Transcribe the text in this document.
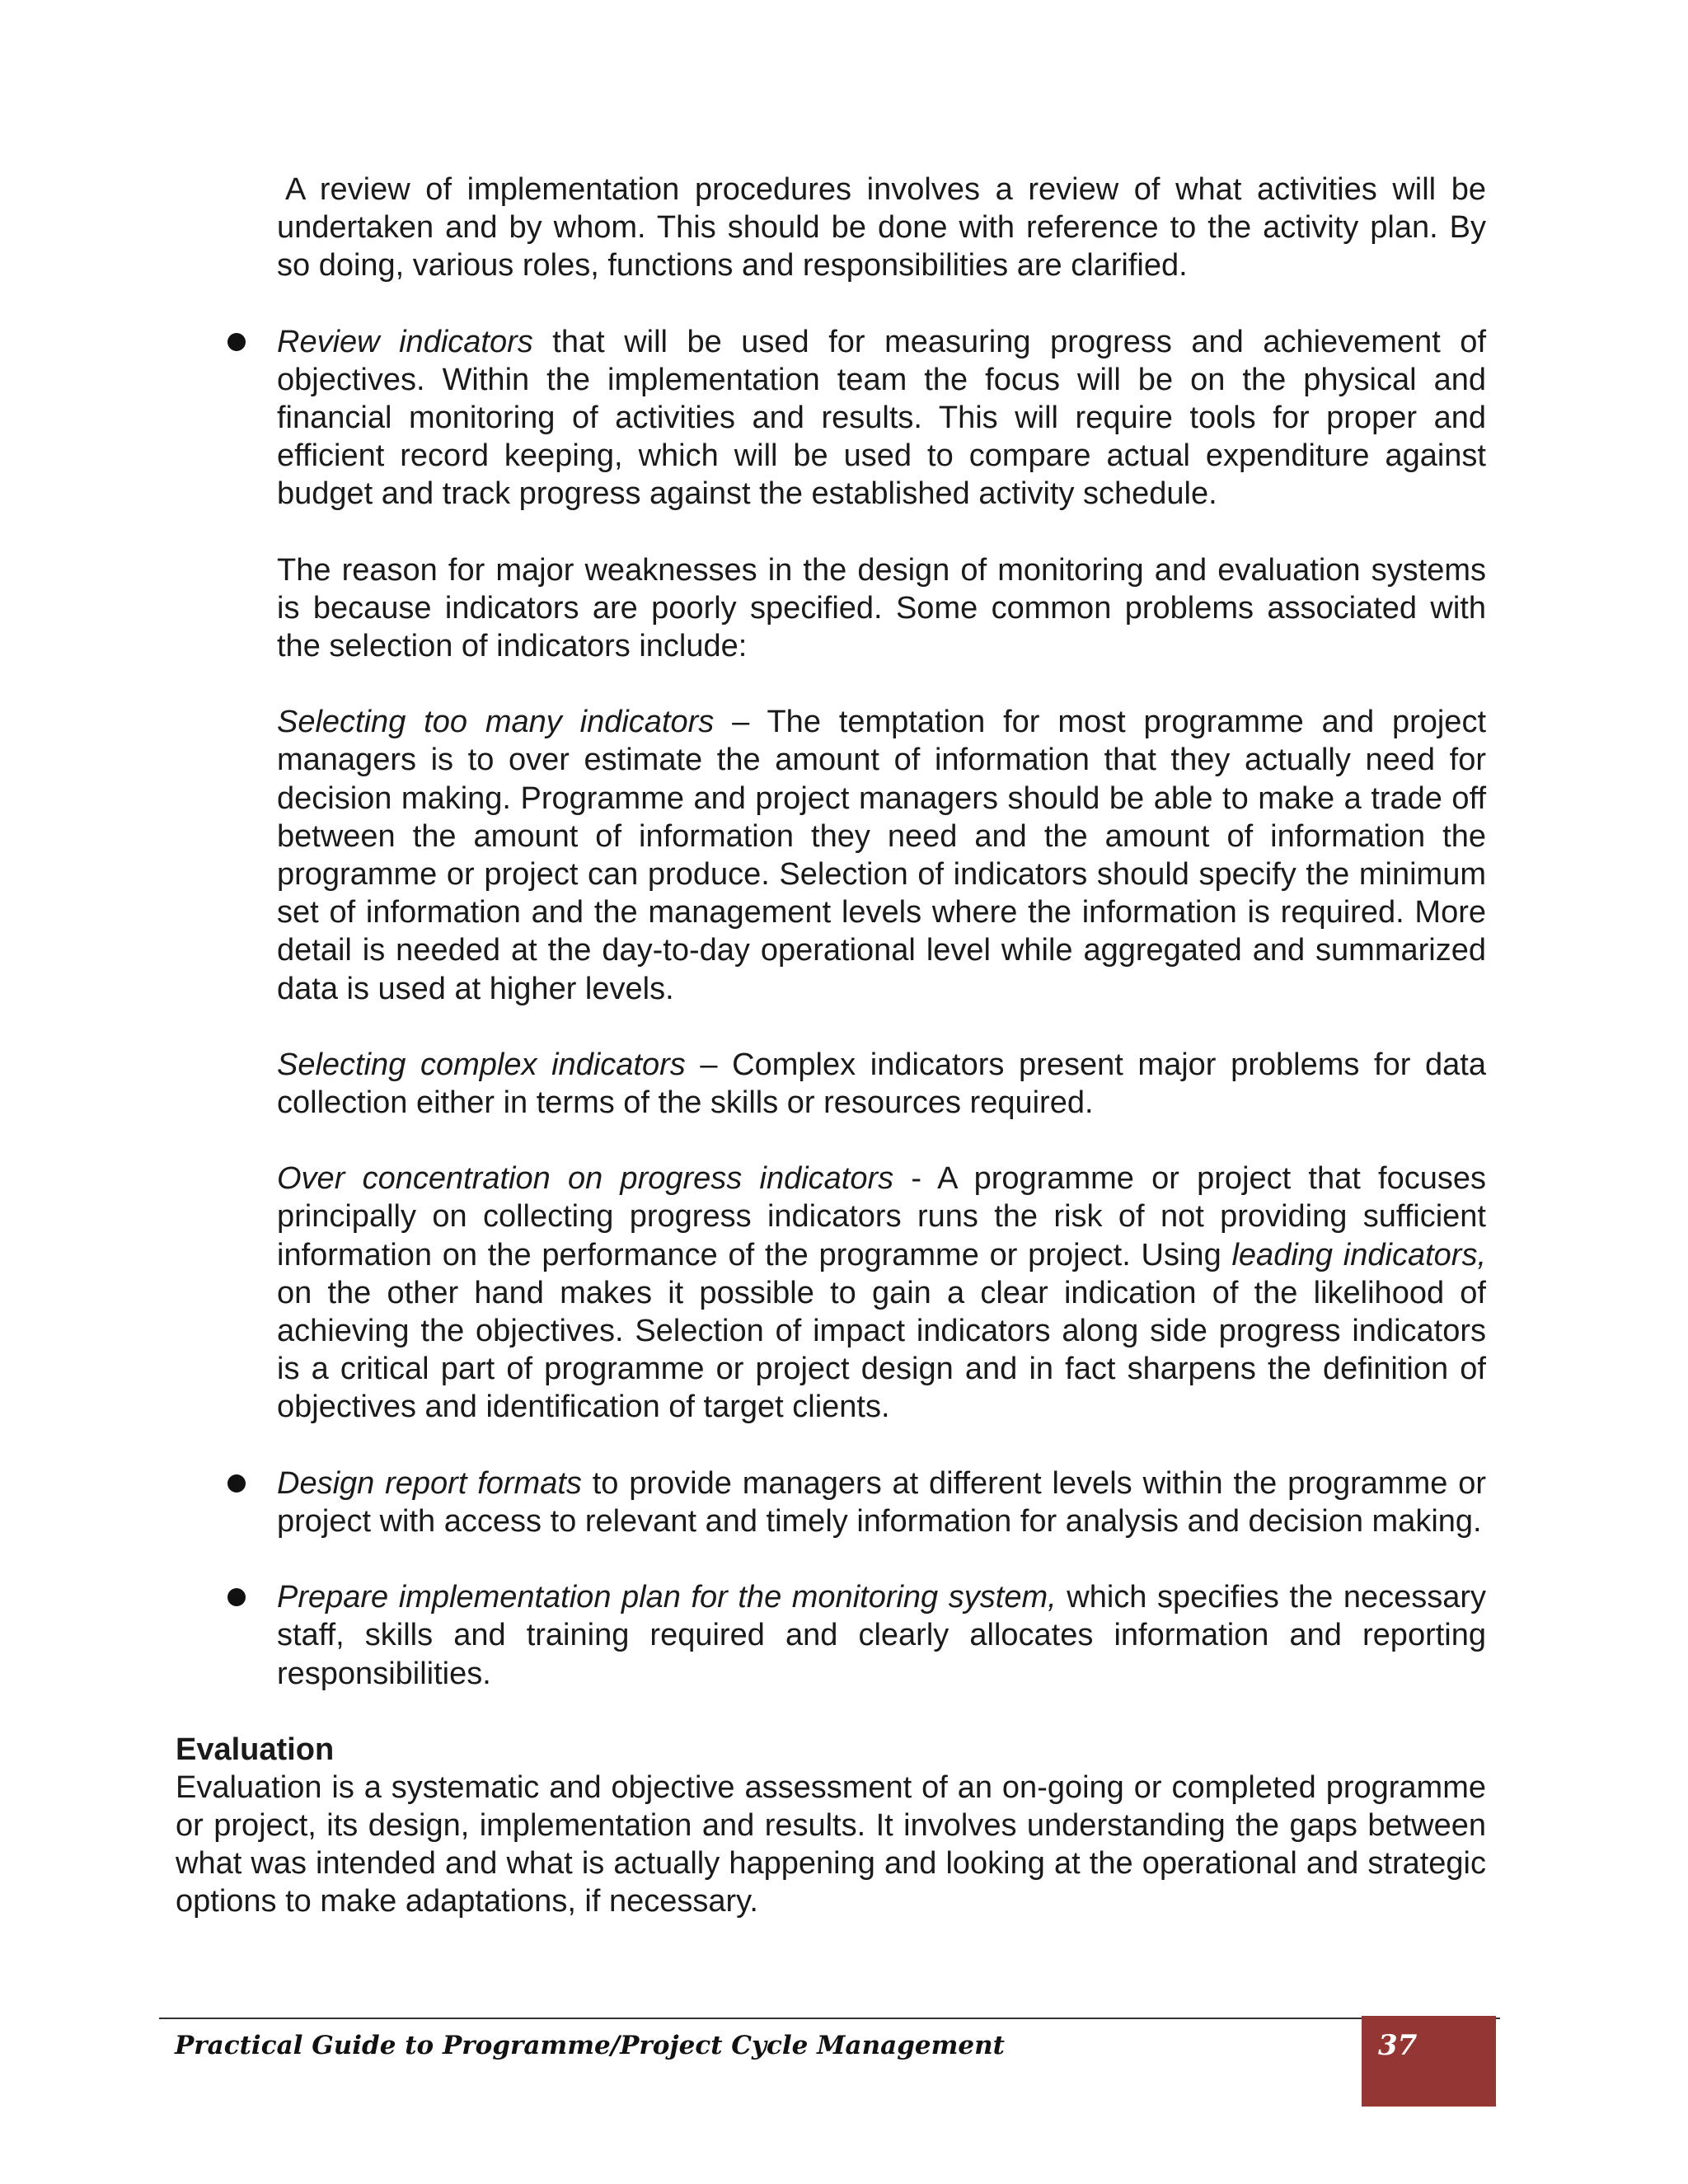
A review of implementation procedures involves a review of what activities will be undertaken and by whom. This should be done with reference to the activity plan. By so doing, various roles, functions and responsibilities are clarified.

Review indicators that will be used for measuring progress and achievement of objectives. Within the implementation team the focus will be on the physical and financial monitoring of activities and results. This will require tools for proper and efficient record keeping, which will be used to compare actual expenditure against budget and track progress against the established activity schedule.

The reason for major weaknesses in the design of monitoring and evaluation systems is because indicators are poorly specified. Some common problems associated with the selection of indicators include:

Selecting too many indicators – The temptation for most programme and project managers is to over estimate the amount of information that they actually need for decision making. Programme and project managers should be able to make a trade off between the amount of information they need and the amount of information the programme or project can produce. Selection of indicators should specify the minimum set of information and the management levels where the information is required. More detail is needed at the day-to-day operational level while aggregated and summarized data is used at higher levels.

Selecting complex indicators – Complex indicators present major problems for data collection either in terms of the skills or resources required.

Over concentration on progress indicators - A programme or project that focuses principally on collecting progress indicators runs the risk of not providing sufficient information on the performance of the programme or project. Using leading indicators, on the other hand makes it possible to gain a clear indication of the likelihood of achieving the objectives. Selection of impact indicators along side progress indicators is a critical part of programme or project design and in fact sharpens the definition of objectives and identification of target clients.

Design report formats to provide managers at different levels within the programme or project with access to relevant and timely information for analysis and decision making.

Prepare implementation plan for the monitoring system, which specifies the necessary staff, skills and training required and clearly allocates information and reporting responsibilities.

Evaluation

Evaluation is a systematic and objective assessment of an on-going or completed programme or project, its design, implementation and results. It involves understanding the gaps between what was intended and what is actually happening and looking at the operational and strategic options to make adaptations, if necessary.

Practical Guide to Programme/Project Cycle Management	37
